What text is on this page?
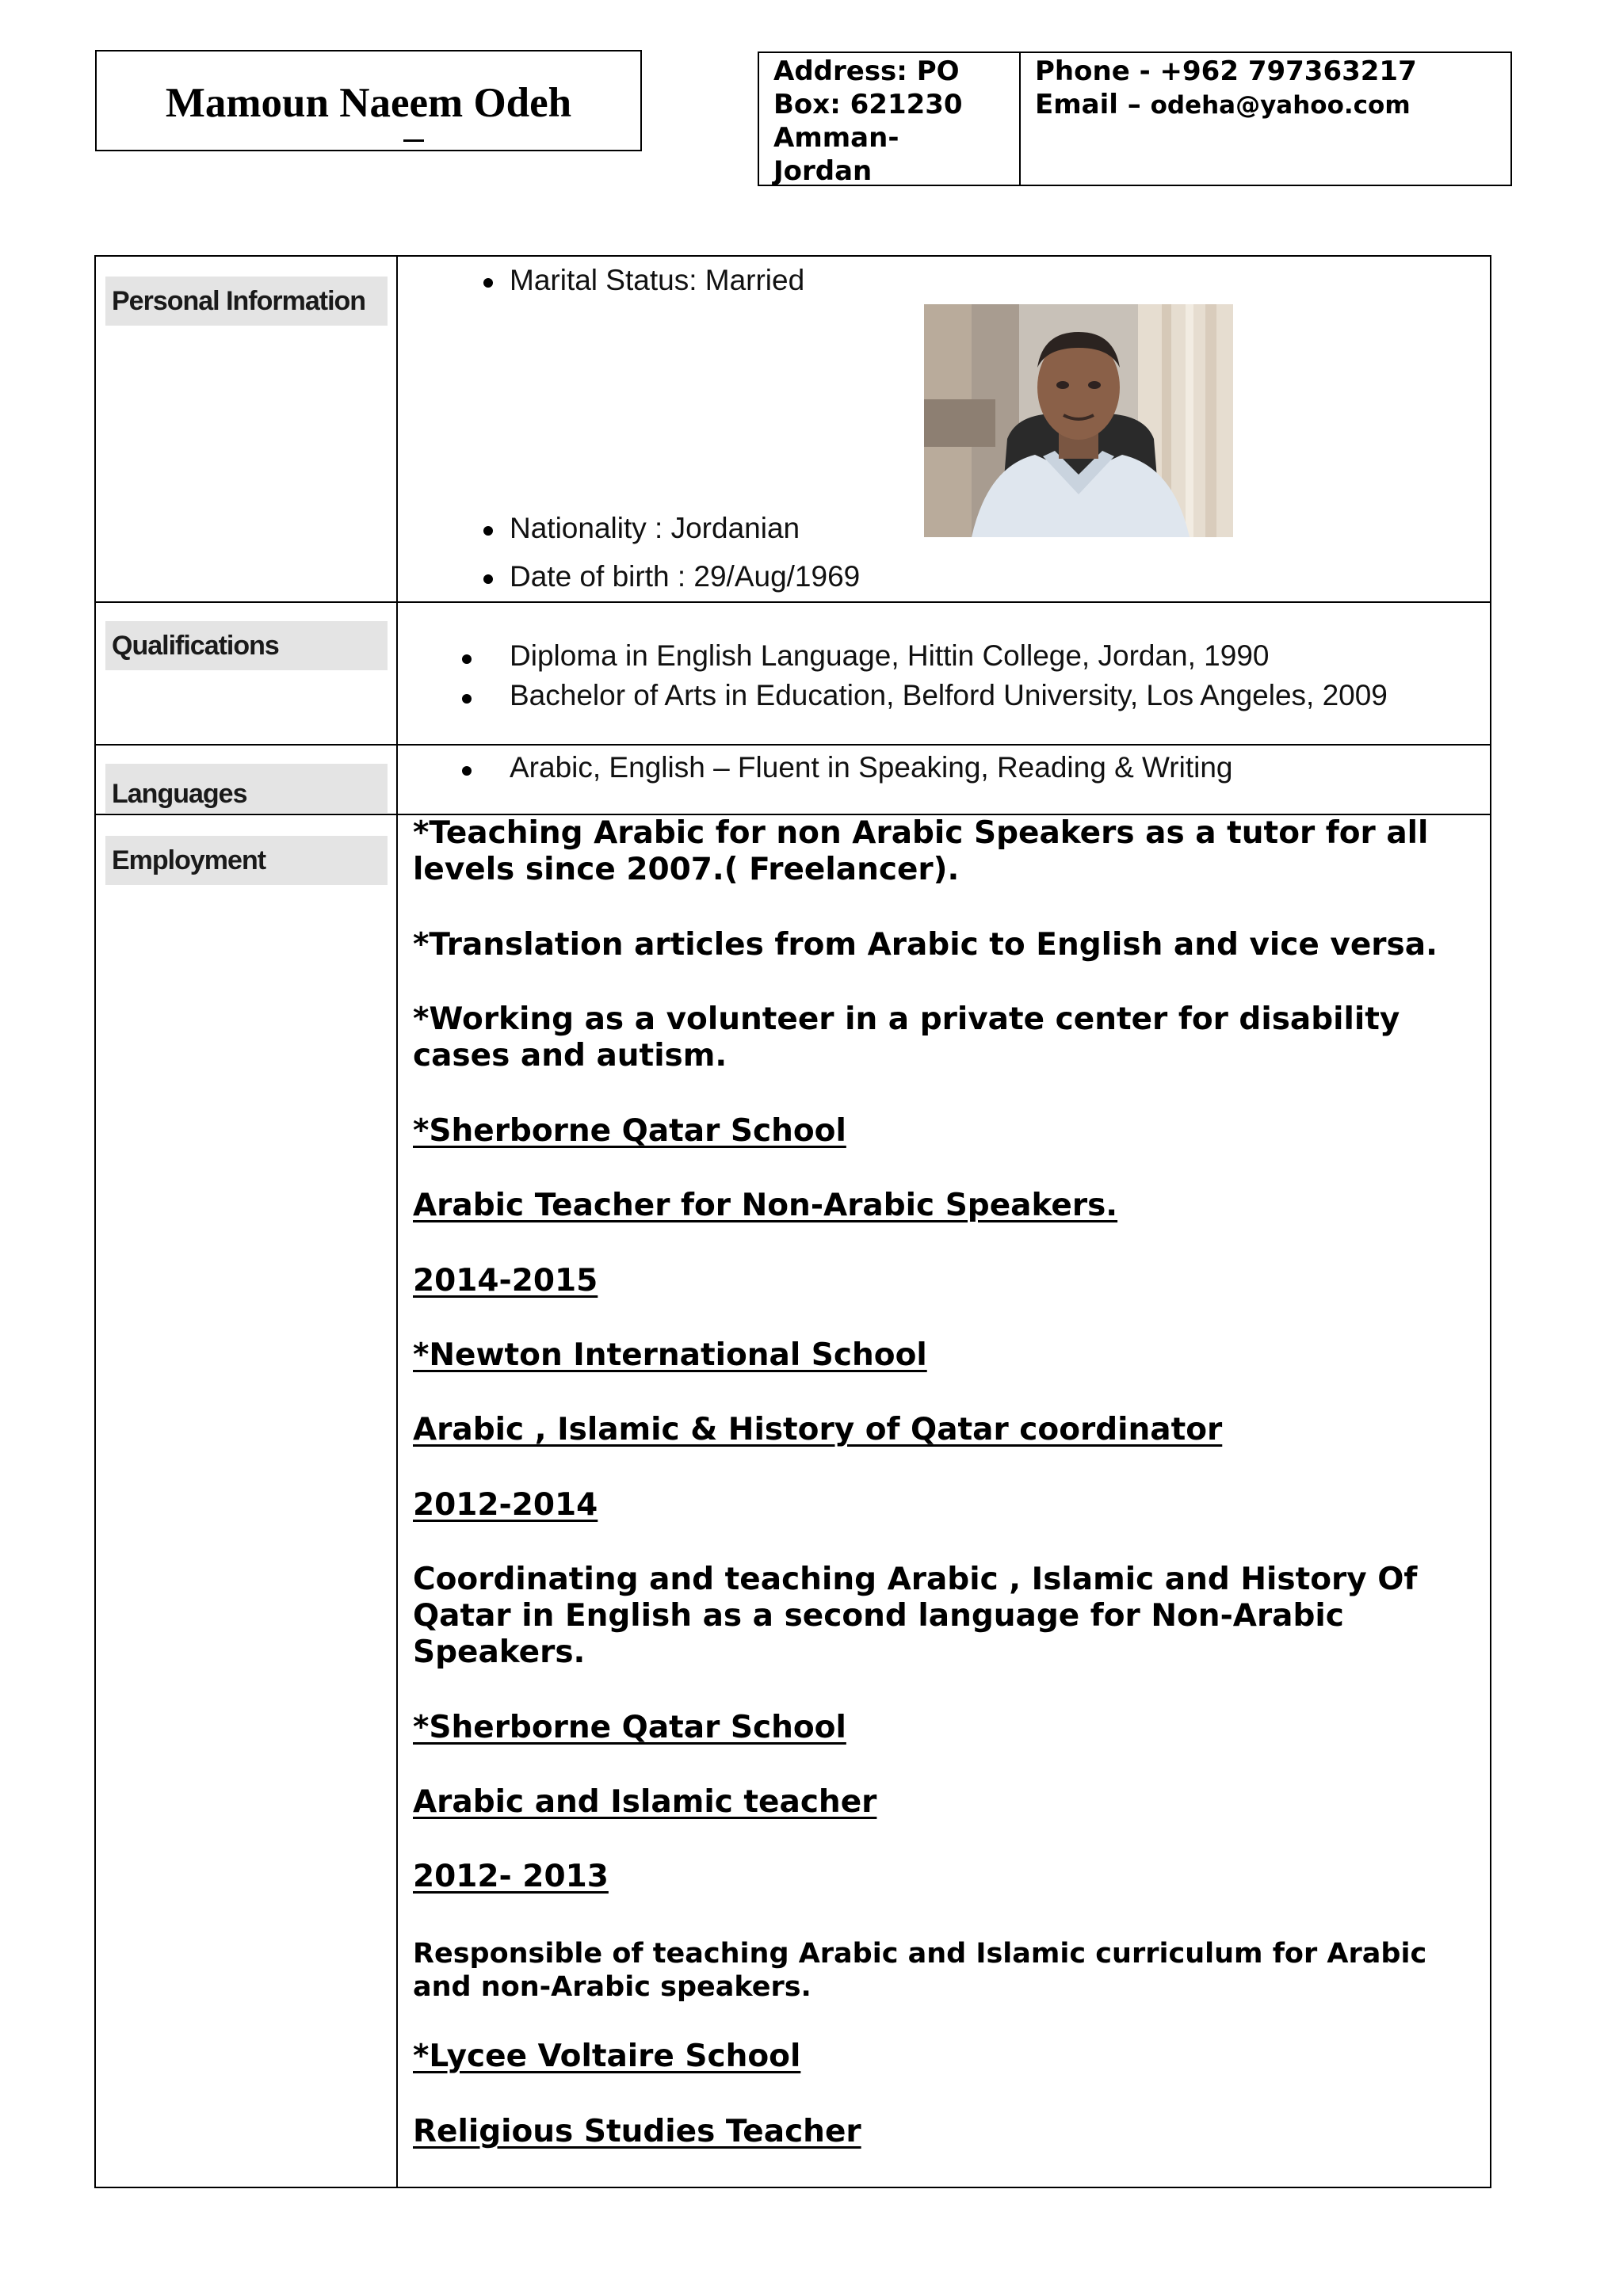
Mamoun Naeem Odeh
Address: PO
Box: 621230
Amman-
Jordan
Phone - +962 797363217
Email – odeha@yahoo.com
Personal Information
Marital Status: Married
Nationality : Jordanian
Date of birth : 29/Aug/1969
Qualifications	Diploma in English Language, Hittin College, Jordan, 1990
Bachelor of Arts in Education, Belford University, Los Angeles, 2009
Languages
Arabic, English – Fluent in Speaking, Reading & Writing
Employment
*Teaching Arabic for non Arabic Speakers as a tutor for all levels since 2007.( Freelancer).
*Translation articles from Arabic to English and vice versa.
*Working as a volunteer in a private center for disability cases and autism.
*Sherborne Qatar School
Arabic Teacher for Non-Arabic Speakers.
2014-2015
*Newton International School
Arabic , Islamic & History of Qatar coordinator
2012-2014
Coordinating and teaching Arabic , Islamic and History Of Qatar in English as a second language for Non-Arabic Speakers.
*Sherborne Qatar School
Arabic and Islamic teacher
2012- 2013
Responsible of teaching Arabic and Islamic curriculum for Arabic and non-Arabic speakers.
*Lycee Voltaire School
Religious Studies Teacher
